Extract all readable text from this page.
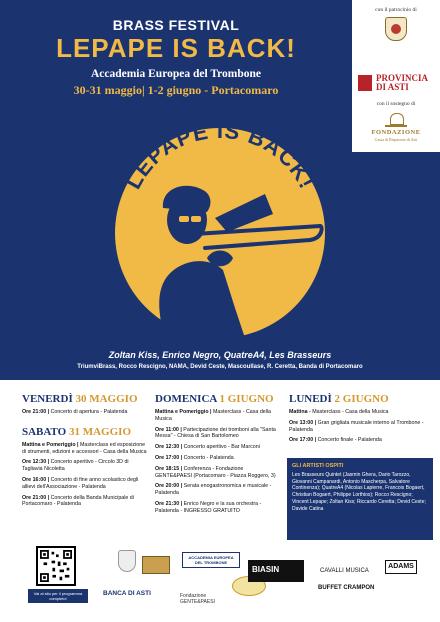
BRASS FESTIVAL
LEPAPE IS BACK!
Accademia Europea del Trombone
30-31 maggio| 1-2 giugno - Portacomaro
LEPAPE IS BACK!
Zoltan Kiss, Enrico Negro, QuatreA4, Les Brasseurs
TriumviBrass, Rocco Rescigno, NAMA, Devid Ceste, Mascoullase, R. Ceretta, Banda di Portacomaro
con il patrocinio di
PROVINCIA
DI ASTI
con il sostegno di
FONDAZIONE
Cassa di Risparmio di Asti
VENERDÌ 30 MAGGIO
Ore 21:00 | Concerto di apertura - Palatenda
SABATO 31 MAGGIO
Mattina e Pomeriggio | Masterclass ed esposizione di strumenti, edizioni e accessori - Casa della Musica
Ore 12:30 | Concerto aperitivo - Circolo 3D di Tagliavia Nicoletta
Ore 16:00 | Concerto di fine anno scolastico degli allievi dell'Associazione - Palatenda
Ore 21:00 | Concerto della Banda Municipale di Portacomaro - Palatenda
DOMENICA 1 GIUGNO
Mattina e Pomeriggio | Masterclass - Casa della Musica
Ore 11:00 | Partecipazione dei tromboni alla "Santa Messa" - Chiesa di San Bartolomeo
Ore 12:30 | Concerto aperitivo - Bar Marconi
Ore 17:00 | Concerto - Palatenda
Ore 18:15 | Conferenza - Fondazione GENTE&PAESI (Portacomaro - Piazza Roggero, 3)
Ore 20:00 | Serata enogastronomica e musicale - Palatenda
Ore 21:30 | Enrico Negro e la sua orchestra - Palatenda - INGRESSO GRATUITO
LUNEDÌ 2 GIUGNO
Mattina - Masterclass - Casa della Musica
Ore 13:00 | Gran grigliata musicale interno al Trombone - Palatenda
Ore 17:00 | Concerto finale - Palatenda
GLI ARTISTI OSPITI
Les Brasseurs Quintet (Jasmin Ghera, Dario Tarozzo, Giovanni Campanardi, Antonio Mascherpa, Salvatore Continenza); QuatreA4 (Nicolas Lapierre, Francois Bogaert, Christian Bogaert, Philippe Lorthios); Rocco Rescigno; Vincent Lepape; Zoltan Kiss; Riccardo Ceretta; Devid Ceste; Davide Catina
Vai al sito per il programma completo!
BANCA DI ASTI	Fondazione GENTE&PAESI
ACCADEMIA EUROPEA DEL TROMBONE
BIASIN	CAVALLI MUSICA
BUFFET CRAMPON
ADAMS
